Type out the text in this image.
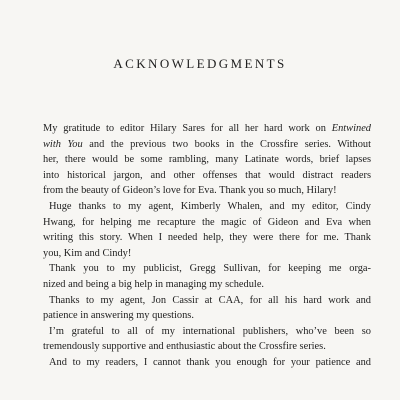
ACKNOWLEDGMENTS
My gratitude to editor Hilary Sares for all her hard work on Entwined
with You and the previous two books in the Crossfire series. Without
her, there would be some rambling, many Latinate words, brief lapses
into historical jargon, and other offenses that would distract readers
from the beauty of Gideon’s love for Eva. Thank you so much, Hilary!
Huge thanks to my agent, Kimberly Whalen, and my editor, Cindy
Hwang, for helping me recapture the magic of Gideon and Eva when
writing this story. When I needed help, they were there for me. Thank
you, Kim and Cindy!
Thank you to my publicist, Gregg Sullivan, for keeping me orga-
nized and being a big help in managing my schedule.
Thanks to my agent, Jon Cassir at CAA, for all his hard work and
patience in answering my questions.
I’m grateful to all of my international publishers, who’ve been so
tremendously supportive and enthusiastic about the Crossfire series.
And to my readers, I cannot thank you enough for your patience and
